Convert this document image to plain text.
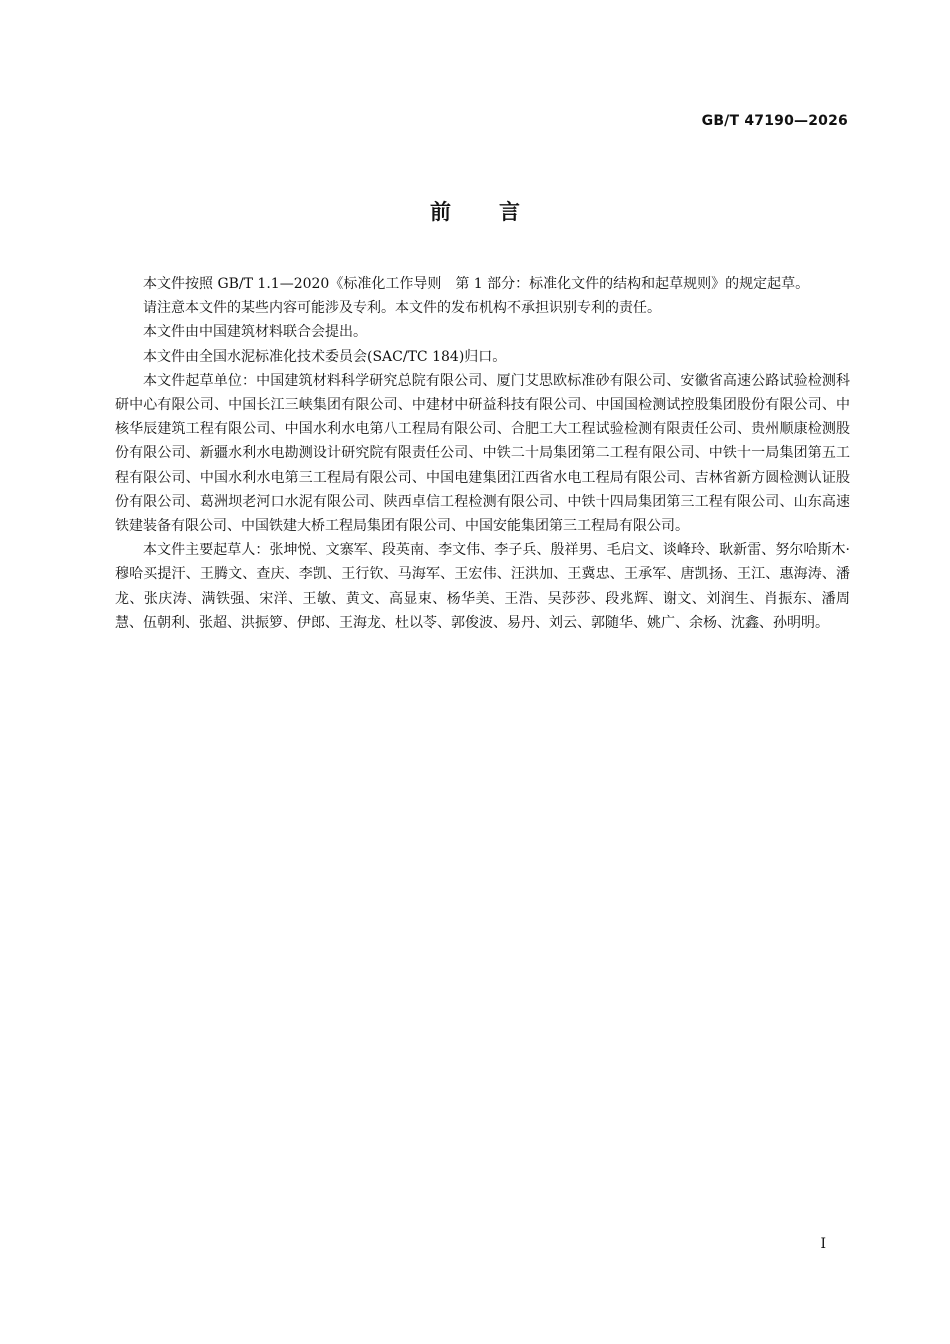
GB/T 47190—2026
前 言

本文件按照 GB/T 1.1—2020《标准化工作导则　第 1 部分：标准化文件的结构和起草规则》的规定起草。

请注意本文件的某些内容可能涉及专利。本文件的发布机构不承担识别专利的责任。

本文件由中国建筑材料联合会提出。

本文件由全国水泥标准化技术委员会(SAC/TC 184)归口。

本文件起草单位：中国建筑材料科学研究总院有限公司、厦门艾思欧标准砂有限公司、安徽省高速公路试验检测科研中心有限公司、中国长江三峡集团有限公司、中建材中研益科技有限公司、中国国检测试控股集团股份有限公司、中核华辰建筑工程有限公司、中国水利水电第八工程局有限公司、合肥工大工程试验检测有限责任公司、贵州顺康检测股份有限公司、新疆水利水电勘测设计研究院有限责任公司、中铁二十局集团第二工程有限公司、中铁十一局集团第五工程有限公司、中国水利水电第三工程局有限公司、中国电建集团江西省水电工程局有限公司、吉林省新方圆检测认证股份有限公司、葛洲坝老河口水泥有限公司、陕西卓信工程检测有限公司、中铁十四局集团第三工程有限公司、山东高速铁建装备有限公司、中国铁建大桥工程局集团有限公司、中国安能集团第三工程局有限公司。

本文件主要起草人：张坤悦、文寨军、段英南、李文伟、李子兵、殷祥男、毛启文、谈峰玲、耿新雷、努尔哈斯木·穆哈买提汗、王腾文、查庆、李凯、王行钦、马海军、王宏伟、汪洪加、王冀忠、王承军、唐凯扬、王江、惠海涛、潘龙、张庆涛、满铁强、宋洋、王敏、黄文、高显束、杨华美、王浩、吴莎莎、段兆辉、谢文、刘润生、肖振东、潘周慧、伍朝利、张超、洪振箩、伊郎、王海龙、杜以苓、郭俊波、易丹、刘云、郭随华、姚广、余杨、沈鑫、孙明明。

I
